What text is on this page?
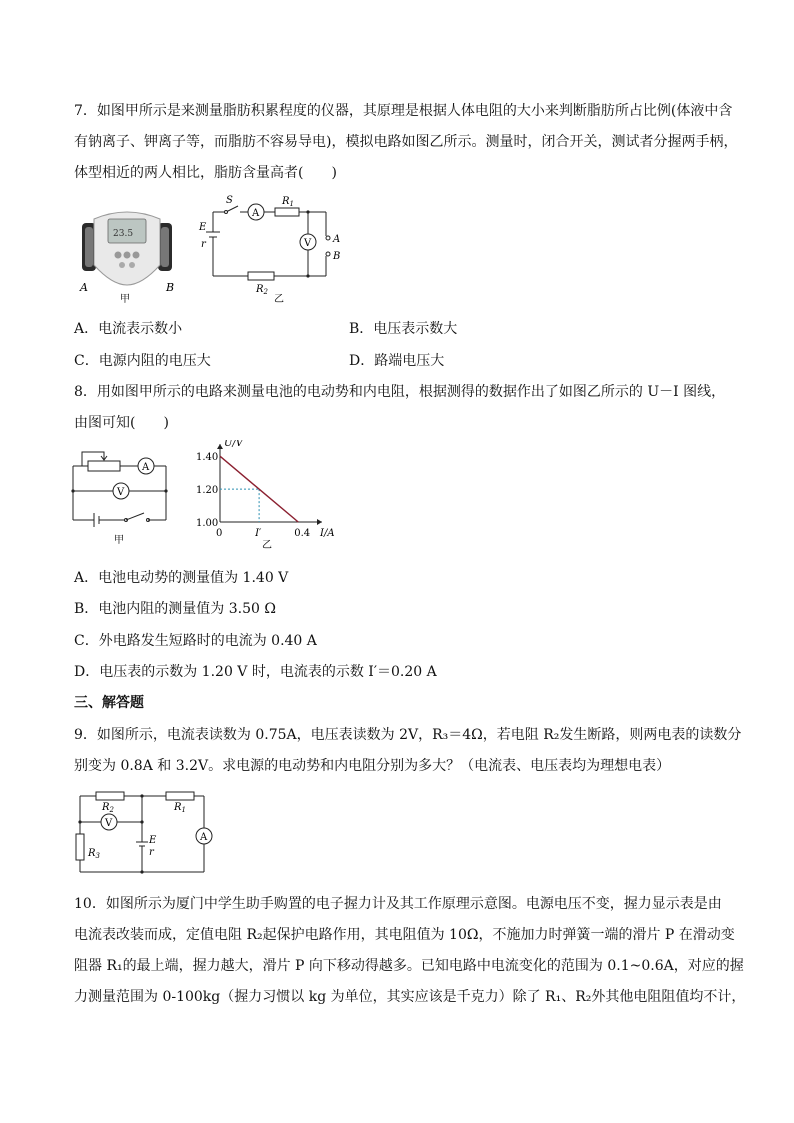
7．如图甲所示是来测量脂肪积累程度的仪器，其原理是根据人体电阻的大小来判断脂肪所占比例(体液中含
有钠离子、钾离子等，而脂肪不容易导电)，模拟电路如图乙所示。测量时，闭合开关，测试者分握两手柄，
体型相近的两人相比，脂肪含量高者(　　)
23.5
A	B
甲
S
A
$R_1$
E
r	V A
B
$R_2$
乙
A．电流表示数小	B．电压表示数大
C．电源内阻的电压大	D．路端电压大
8．用如图甲所示的电路来测量电池的电动势和内电阻，根据测得的数据作出了如图乙所示的 U－I 图线，
由图可知(　　)
A
V
甲
U/V
I/A
1.40
1.20
1.00
0	I′	0.4
乙
A．电池电动势的测量值为 1.40 V
B．电池内阻的测量值为 3.50 Ω
C．外电路发生短路时的电流为 0.40 A
D．电压表的示数为 1.20 V 时，电流表的示数 I′＝0.20 A
三、解答题
9．如图所示，电流表读数为 0.75A，电压表读数为 2V，R₃＝4Ω，若电阻 R₂发生断路，则两电表的读数分
别变为 0.8A 和 3.2V。求电源的电动势和内电阻分别为多大？（电流表、电压表均为理想电表）
$R_2$	$R_1$
$R_3$
V
A
E
r
10．如图所示为厦门中学生助手购置的电子握力计及其工作原理示意图。电源电压不变，握力显示表是由
电流表改装而成，定值电阻 R₂起保护电路作用，其电阻值为 10Ω，不施加力时弹簧一端的滑片 P 在滑动变
阻器 R₁的最上端，握力越大，滑片 P 向下移动得越多。已知电路中电流变化的范围为 0.1~0.6A，对应的握
力测量范围为 0-100kg（握力习惯以 kg 为单位，其实应该是千克力）除了 R₁、R₂外其他电阻阻值均不计，
